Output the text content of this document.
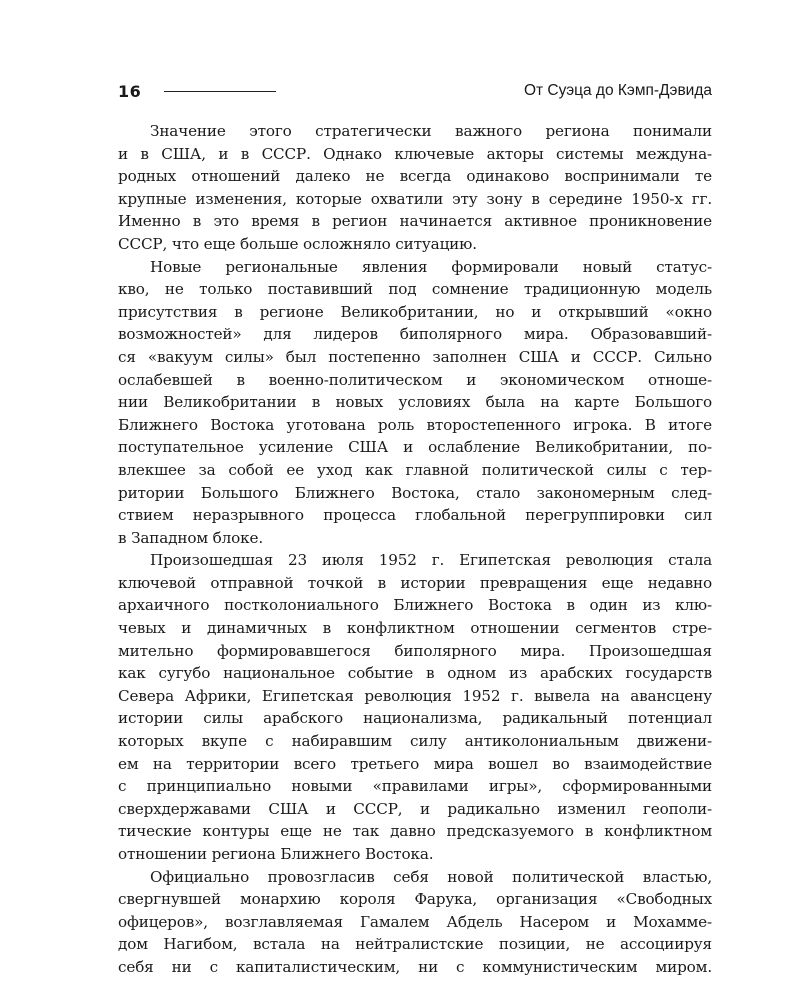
16	От Суэца до Кэмп-Дэвида
Значение этого стратегически важного региона понимали
и в США, и в СССР. Однако ключевые акторы системы междуна-
родных отношений далеко не всегда одинаково воспринимали те
крупные изменения, которые охватили эту зону в середине 1950-х гг.
Именно в это время в регион начинается активное проникновение
СССР, что еще больше осложняло ситуацию.
Новые региональные явления формировали новый статус-
кво, не только поставивший под сомнение традиционную модель
присутствия в регионе Великобритании, но и открывший «окно
возможностей» для лидеров биполярного мира. Образовавший-
ся «вакуум силы» был постепенно заполнен США и СССР. Сильно
ослабевшей в военно-политическом и экономическом отноше-
нии Великобритании в новых условиях была на карте Большого
Ближнего Востока уготована роль второстепенного игрока. В итоге
поступательное усиление США и ослабление Великобритании, по-
влекшее за собой ее уход как главной политической силы с тер-
ритории Большого Ближнего Востока, стало закономерным след-
ствием неразрывного процесса глобальной перегруппировки сил
в Западном блоке.
Произошедшая 23 июля 1952 г. Египетская революция стала
ключевой отправной точкой в истории превращения еще недавно
архаичного постколониального Ближнего Востока в один из клю-
чевых и динамичных в конфликтном отношении сегментов стре-
мительно формировавшегося биполярного мира. Произошедшая
как сугубо национальное событие в одном из арабских государств
Севера Африки, Египетская революция 1952 г. вывела на авансцену
истории силы арабского национализма, радикальный потенциал
которых вкупе с набиравшим силу антиколониальным движени-
ем на территории всего третьего мира вошел во взаимодействие
с принципиально новыми «правилами игры», сформированными
сверхдержавами США и СССР, и радикально изменил геополи-
тические контуры еще не так давно предсказуемого в конфликтном
отношении региона Ближнего Востока.
Официально провозгласив себя новой политической властью,
свергнувшей монархию короля Фарука, организация «Свободных
офицеров», возглавляемая Гамалем Абдель Насером и Мохамме-
дом Нагибом, встала на нейтралистские позиции, не ассоциируя
себя ни с капиталистическим, ни с коммунистическим миром.
